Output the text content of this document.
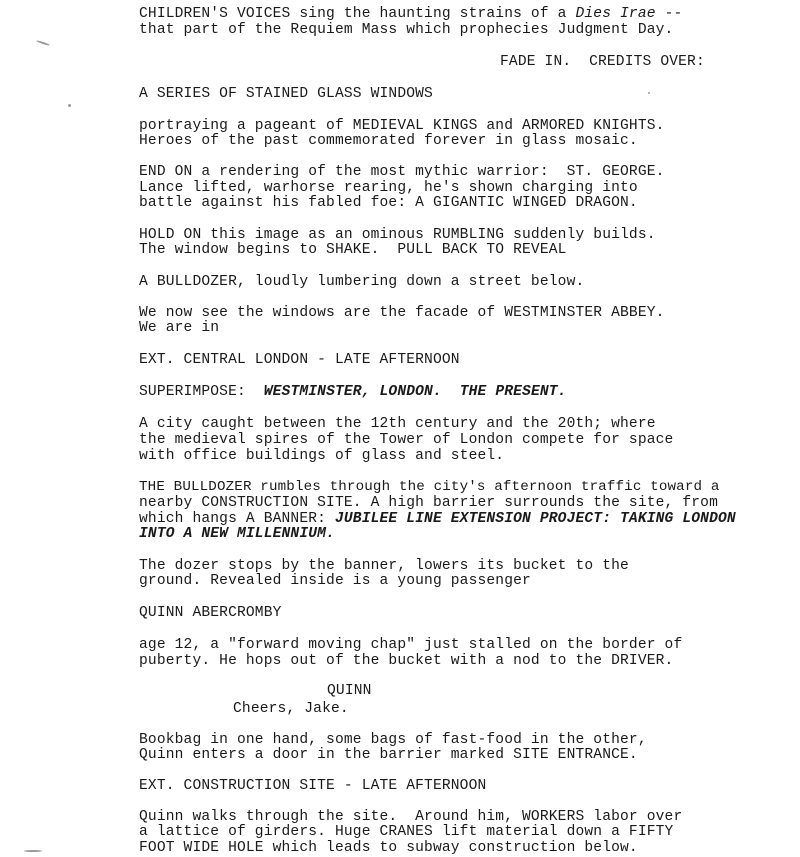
CHILDREN'S VOICES sing the haunting strains of a Dies Irae --
that part of the Requiem Mass which prophecies Judgment Day.
FADE IN.  CREDITS OVER:
A SERIES OF STAINED GLASS WINDOWS
portraying a pageant of MEDIEVAL KINGS and ARMORED KNIGHTS.
Heroes of the past commemorated forever in glass mosaic.
END ON a rendering of the most mythic warrior:  ST. GEORGE.
Lance lifted, warhorse rearing, he's shown charging into
battle against his fabled foe: A GIGANTIC WINGED DRAGON.
HOLD ON this image as an ominous RUMBLING suddenly builds.
The window begins to SHAKE.  PULL BACK TO REVEAL
A BULLDOZER, loudly lumbering down a street below.
We now see the windows are the facade of WESTMINSTER ABBEY.
We are in
EXT. CENTRAL LONDON - LATE AFTERNOON
SUPERIMPOSE:  WESTMINSTER, LONDON. THE PRESENT.
A city caught between the 12th century and the 20th; where
the medieval spires of the Tower of London compete for space
with office buildings of glass and steel.
THE BULLDOZER rumbles through the city's afternoon traffic toward a
nearby CONSTRUCTION SITE. A high barrier surrounds the site, from
which hangs A BANNER: JUBILEE LINE EXTENSION PROJECT: TAKING LONDON
INTO A NEW MILLENNIUM.
The dozer stops by the banner, lowers its bucket to the
ground. Revealed inside is a young passenger
QUINN ABERCROMBY
age 12, a "forward moving chap" just stalled on the border of
puberty. He hops out of the bucket with a nod to the DRIVER.
QUINN
Cheers, Jake.
Bookbag in one hand, some bags of fast-food in the other,
Quinn enters a door in the barrier marked SITE ENTRANCE.
EXT. CONSTRUCTION SITE - LATE AFTERNOON
Quinn walks through the site.  Around him, WORKERS labor over
a lattice of girders. Huge CRANES lift material down a FIFTY
FOOT WIDE HOLE which leads to subway construction below.
